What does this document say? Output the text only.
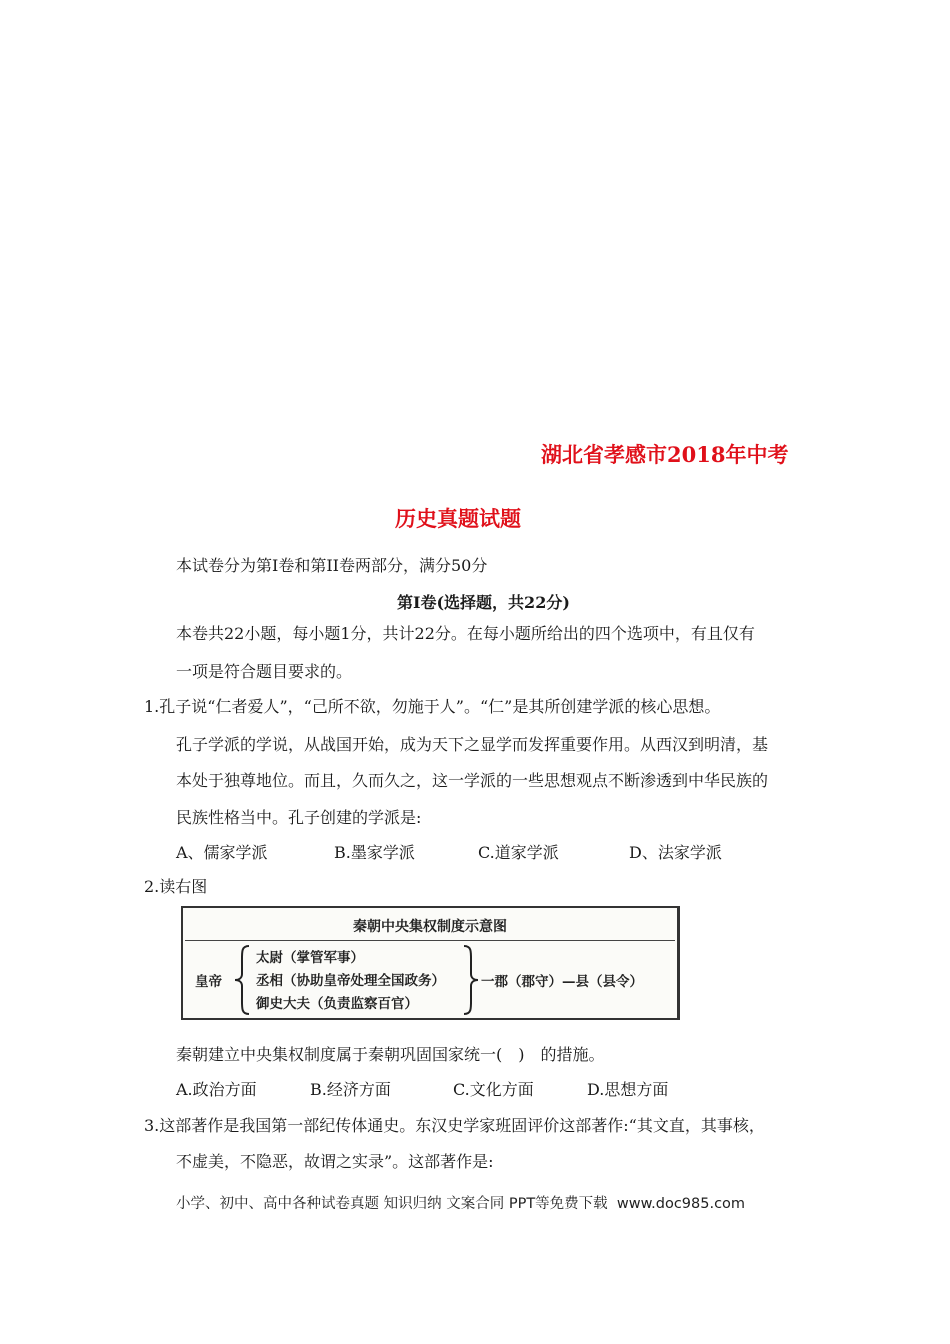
湖北省孝感市2018年中考
历史真题试题
本试卷分为第I卷和第II卷两部分，满分50分
第I卷(选择题，共22分)
本卷共22小题，每小题1分，共计22分。在每小题所给出的四个选项中，有且仅有
一项是符合题目要求的。
1.孔子说“仁者爱人”，“己所不欲，勿施于人”。“仁”是其所创建学派的核心思想。
孔子学派的学说，从战国开始，成为天下之显学而发挥重要作用。从西汉到明清，基
本处于独尊地位。而且，久而久之，这一学派的一些思想观点不断渗透到中华民族的
民族性格当中。孔子创建的学派是:
A、儒家学派	B.墨家学派	C.道家学派	D、法家学派
2.读右图
秦朝中央集权制度示意图
皇帝
太尉（掌管军事）
丞相（协助皇帝处理全国政务）
御史大夫（负责监察百官）
一郡（郡守）—县（县令）
秦朝建立中央集权制度属于秦朝巩固国家统一(　)　的措施。
A.政治方面	B.经济方面	C.文化方面	D.思想方面
3.这部著作是我国第一部纪传体通史。东汉史学家班固评价这部著作:“其文直，其事核，
不虚美，不隐恶，故谓之实录”。这部著作是:
小学、初中、高中各种试卷真题 知识归纳 文案合同 PPT等免费下载 www.doc985.com
